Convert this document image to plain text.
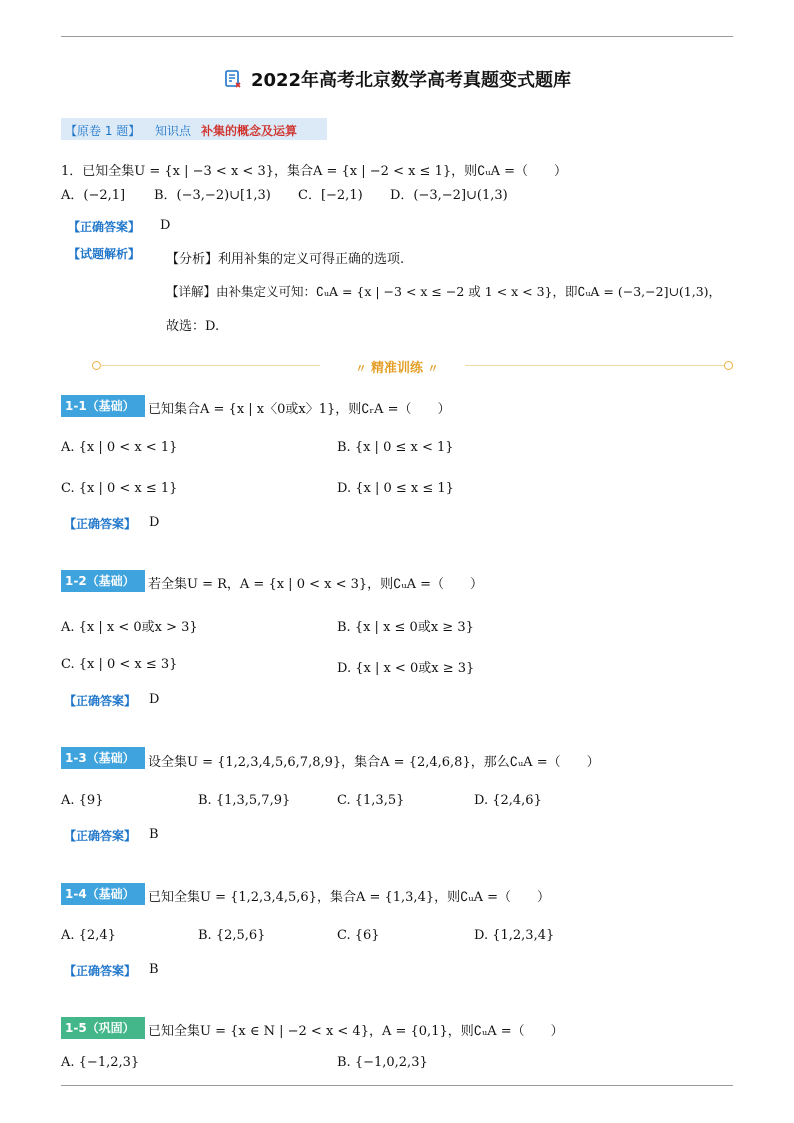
2022年高考北京数学高考真题变式题库
【原卷 1 题】 知识点 补集的概念及运算
1．已知全集U = {x | −3 < x < 3}，集合A = {x | −2 < x ≤ 1}，则∁ᵤA =（　　）
A．(−2,1] B．(−3,−2)∪[1,3) C．[−2,1) D．(−3,−2]∪(1,3)
【正确答案】 D
【试题解析】 【分析】利用补集的定义可得正确的选项.
【详解】由补集定义可知：∁ᵤA = {x | −3 < x ≤ −2 或 1 < x < 3}，即∁ᵤA = (−3,−2]∪(1,3)，
故选：D.
〃 精准训练 〃
1-1（基础）	已知集合A = {x | x〈0或x〉1}，则∁ᵣA =（　　）
A. {x | 0 < x < 1}	B. {x | 0 ≤ x < 1}
C. {x | 0 < x ≤ 1}	D. {x | 0 ≤ x ≤ 1}
【正确答案】 D
1-2（基础）	若全集U = R，A = {x | 0 < x < 3}，则∁ᵤA =（　　）
A. {x | x < 0或x > 3}	B. {x | x ≤ 0或x ≥ 3}
C. {x | 0 < x ≤ 3}	D. {x | x < 0或x ≥ 3}
【正确答案】 D
1-3（基础）	设全集U = {1,2,3,4,5,6,7,8,9}，集合A = {2,4,6,8}，那么∁ᵤA =（　　）
A. {9}	B. {1,3,5,7,9}	C. {1,3,5}	D. {2,4,6}
【正确答案】 B
1-4（基础）	已知全集U = {1,2,3,4,5,6}，集合A = {1,3,4}，则∁ᵤA =（　　）
A. {2,4}	B. {2,5,6}	C. {6}	D. {1,2,3,4}
【正确答案】 B
1-5（巩固）	已知全集U = {x ∈ N | −2 < x < 4}，A = {0,1}，则∁ᵤA =（　　）
A. {−1,2,3}	B. {−1,0,2,3}
